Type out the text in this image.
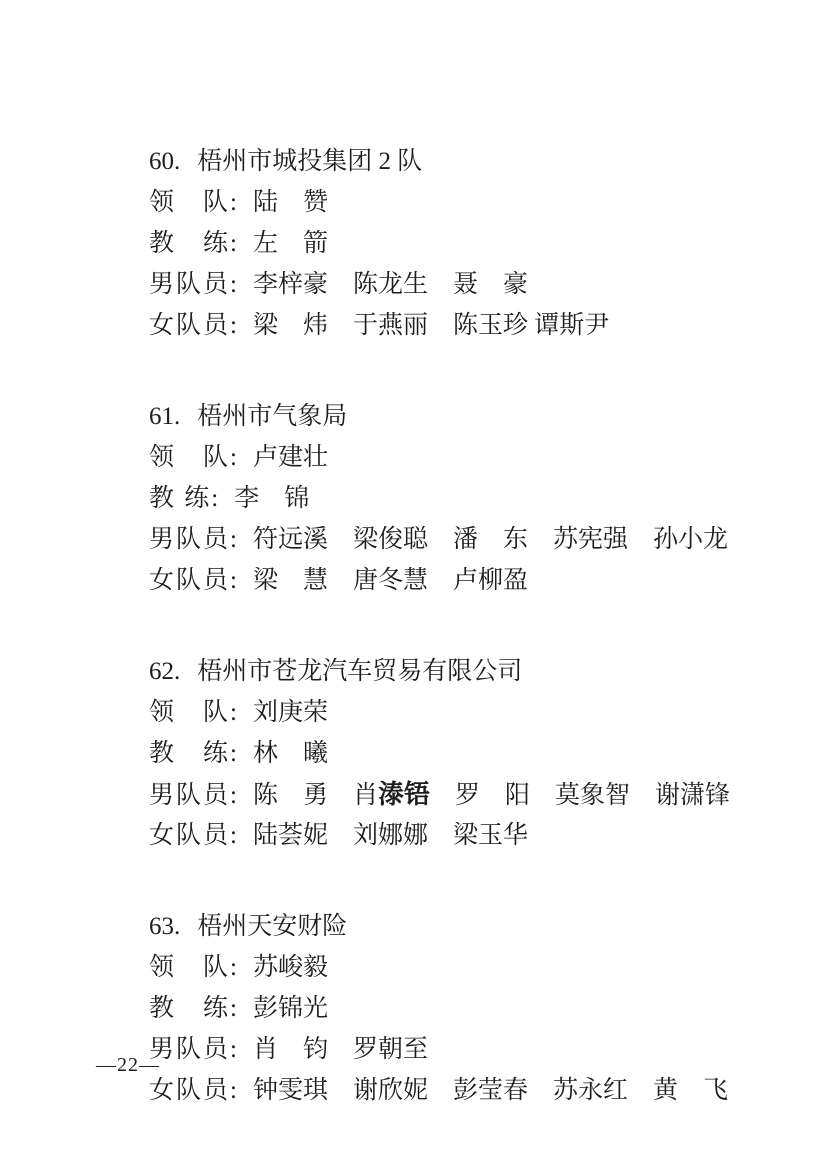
60. 梧州市城投集团 2 队

领　队: 陆　赞

教　练: 左　箭

男队员: 李梓豪　陈龙生　聂　豪

女队员: 梁　炜　于燕丽　陈玉珍 谭斯尹

61. 梧州市气象局

领　队: 卢建壮

教 练: 李　锦

男队员: 符远溪　梁俊聪　潘　东　苏宪强　孙小龙

女队员: 梁　慧　唐冬慧　卢柳盈

62. 梧州市苍龙汽车贸易有限公司

领　队: 刘庚荣

教　练: 林　曦

男队员: 陈　勇　肖溙铻　罗　阳　莫象智　谢潇锋

女队员: 陆荟妮　刘娜娜　梁玉华

63. 梧州天安财险

领　队: 苏峻毅

教　练: 彭锦光

男队员: 肖　钧　罗朝至

女队员: 钟雯琪　谢欣妮　彭莹春　苏永红　黄　飞

—22—
